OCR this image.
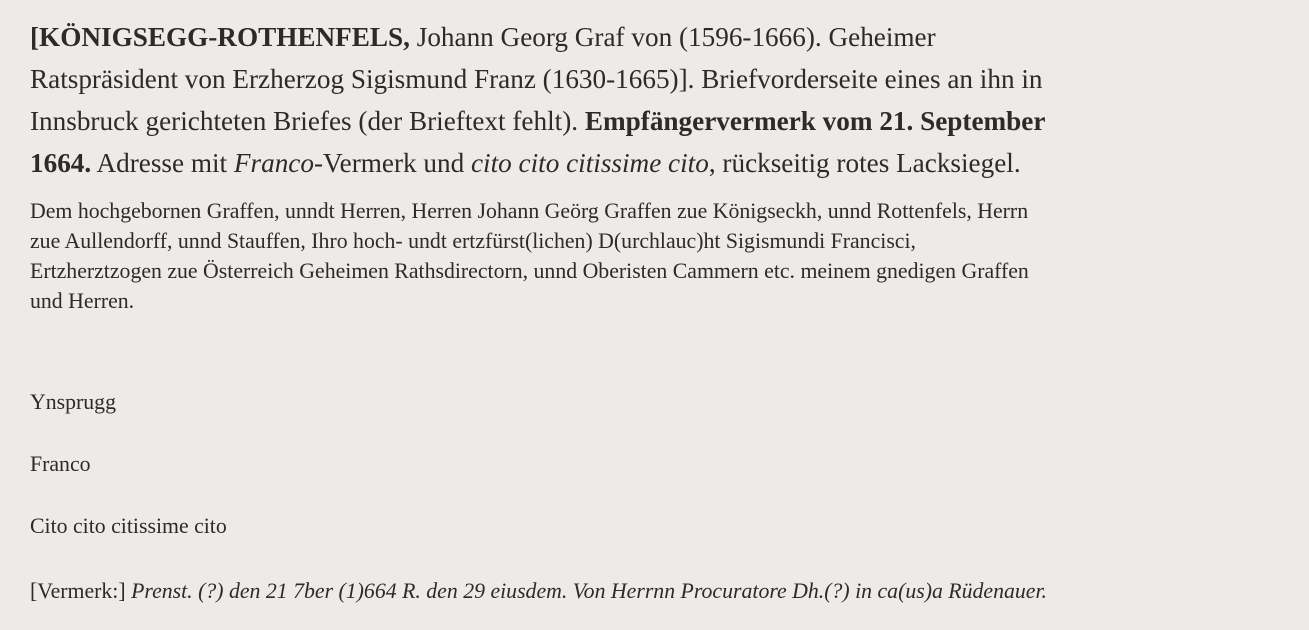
[KÖNIGSEGG-ROTHENFELS, Johann Georg Graf von (1596-1666). Geheimer
Ratspräsident von Erzherzog Sigismund Franz (1630-1665)]. Briefvorderseite eines an ihn in
Innsbruck gerichteten Briefes (der Brieftext fehlt). Empfängervermerk vom 21. September
1664. Adresse mit Franco-Vermerk und cito cito citissime cito, rückseitig rotes Lacksiegel.
Dem hochgebornen Graffen, unndt Herren, Herren Johann Geörg Graffen zue Königseckh, unnd Rottenfels, Herrn
zue Aullendorff, unnd Stauffen, Ihro hoch- undt ertzfürst(lichen) D(urchlauc)ht Sigismundi Francisci,
Ertzherztzogen zue Österreich Geheimen Rathsdirectorn, unnd Oberisten Cammern etc. meinem gnedigen Graffen
und Herren.
Ynsprugg
Franco
Cito cito citissime cito
[Vermerk:] Prenst. (?) den 21 7ber (1)664 R. den 29 eiusdem. Von Herrnn Procuratore Dh.(?) in ca(us)a Rüdenauer.
